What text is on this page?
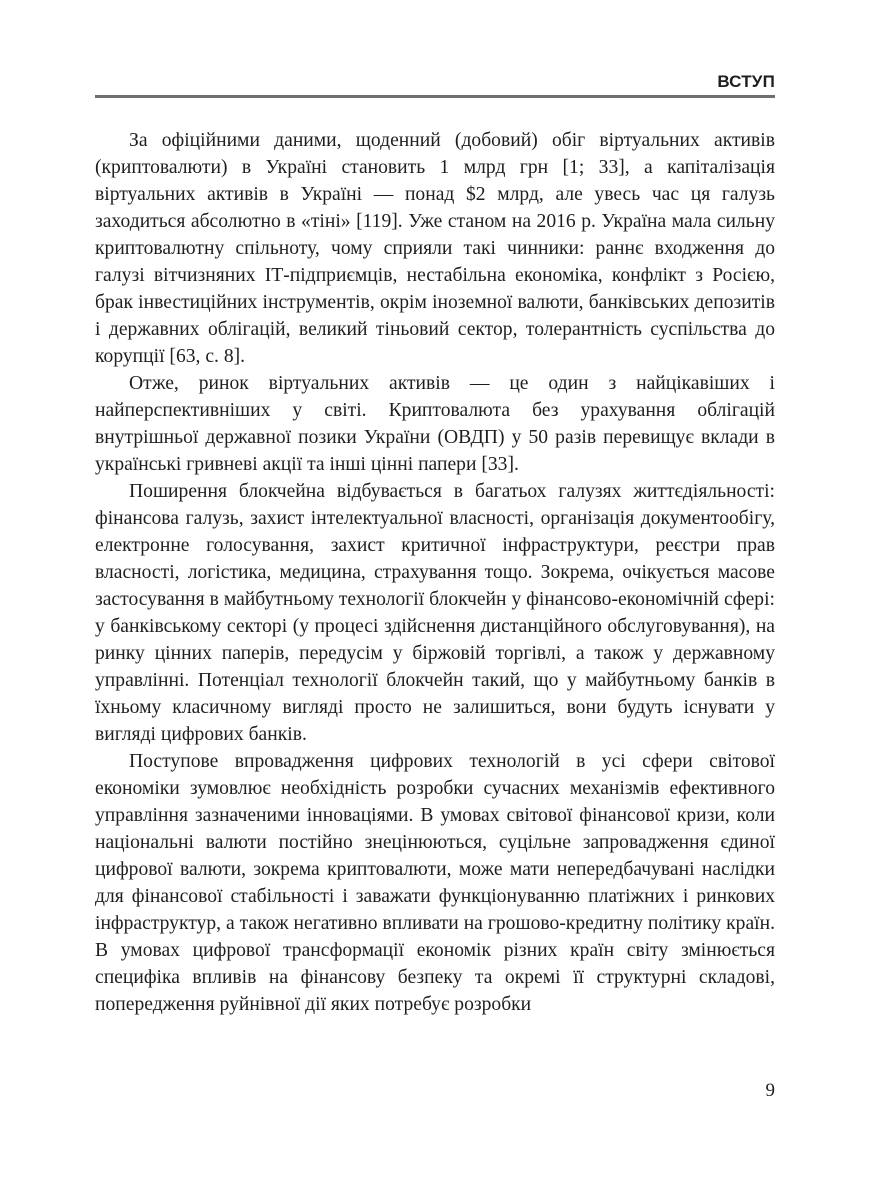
ВСТУП

За офіційними даними, щоденний (добовий) обіг віртуальних активів (криптовалюти) в Україні становить 1 млрд грн [1; 33], а капіталізація віртуальних активів в Україні — понад $2 млрд, але увесь час ця галузь заходиться абсолютно в «тіні» [119]. Уже станом на 2016 р. Україна мала сильну криптовалютну спільноту, чому сприяли такі чинники: раннє входження до галузі вітчизняних ІТ-підприємців, нестабільна економіка, конфлікт з Росією, брак інвестиційних інструментів, окрім іноземної валюти, банківських депозитів і державних облігацій, великий тіньовий сектор, толерантність суспільства до корупції [63, с. 8].

Отже, ринок віртуальних активів — це один з найцікавіших і найперспективніших у світі. Криптовалюта без урахування облігацій внутрішньої державної позики України (ОВДП) у 50 разів перевищує вклади в українські гривневі акції та інші цінні папери [33].

Поширення блокчейна відбувається в багатьох галузях життєдіяльності: фінансова галузь, захист інтелектуальної власності, організація документообігу, електронне голосування, захист критичної інфраструктури, реєстри прав власності, логістика, медицина, страхування тощо. Зокрема, очікується масове застосування в майбутньому технології блокчейн у фінансово-економічній сфері: у банківському секторі (у процесі здійснення дистанційного обслуговування), на ринку цінних паперів, передусім у біржовій торгівлі, а також у державному управлінні. Потенціал технології блокчейн такий, що у майбутньому банків в їхньому класичному вигляді просто не залишиться, вони будуть існувати у вигляді цифрових банків.

Поступове впровадження цифрових технологій в усі сфери світової економіки зумовлює необхідність розробки сучасних механізмів ефективного управління зазначеними інноваціями. В умовах світової фінансової кризи, коли національні валюти постійно знецінюються, суцільне запровадження єдиної цифрової валюти, зокрема криптовалюти, може мати непередбачувані наслідки для фінансової стабільності і заважати функціонуванню платіжних і ринкових інфраструктур, а також негативно впливати на грошово-кредитну політику країн. В умовах цифрової трансформації економік різних країн світу змінюється специфіка впливів на фінансову безпеку та окремі її структурні складові, попередження руйнівної дії яких потребує розробки

9
